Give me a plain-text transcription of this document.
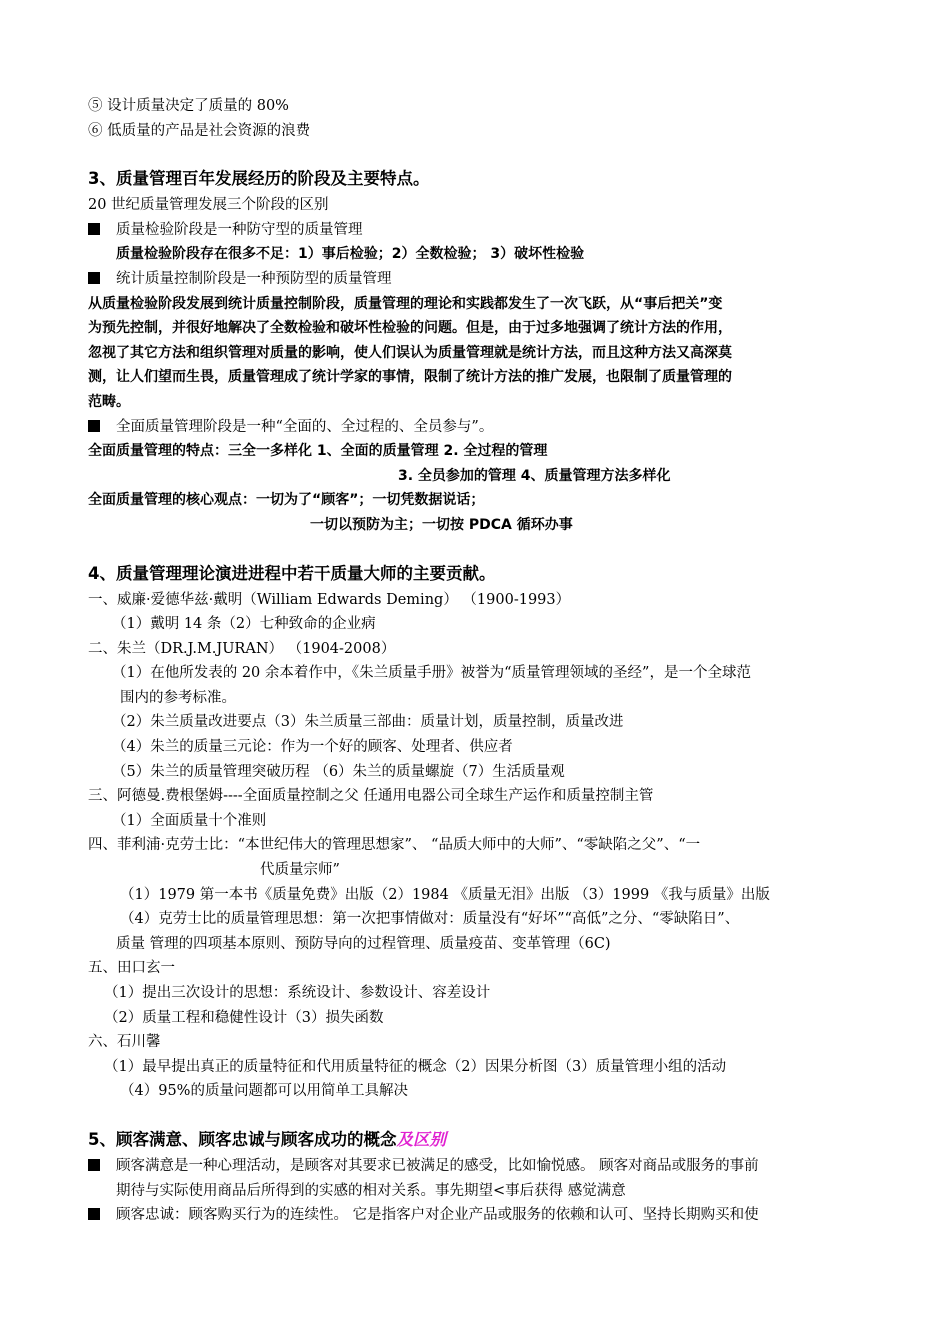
⑤ 设计质量决定了质量的 80%
⑥ 低质量的产品是社会资源的浪费
3、质量管理百年发展经历的阶段及主要特点。
20 世纪质量管理发展三个阶段的区别
质量检验阶段是一种防守型的质量管理
质量检验阶段存在很多不足：1）事后检验；2）全数检验； 3）破坏性检验
统计质量控制阶段是一种预防型的质量管理
从质量检验阶段发展到统计质量控制阶段，质量管理的理论和实践都发生了一次飞跃，从“事后把关”变
为预先控制，并很好地解决了全数检验和破坏性检验的问题。但是，由于过多地强调了统计方法的作用，
忽视了其它方法和组织管理对质量的影响，使人们误认为质量管理就是统计方法，而且这种方法又高深莫
测，让人们望而生畏，质量管理成了统计学家的事情，限制了统计方法的推广发展，也限制了质量管理的
范畴。
全面质量管理阶段是一种“全面的、全过程的、全员参与”。
全面质量管理的特点：三全一多样化 1、全面的质量管理 2. 全过程的管理
3. 全员参加的管理 4、质量管理方法多样化
全面质量管理的核心观点：一切为了“顾客”；一切凭数据说话；
一切以预防为主；一切按 PDCA 循环办事
4、质量管理理论演进进程中若干质量大师的主要贡献。
一、威廉·爱德华兹·戴明（William Edwards Deming） （1900-1993）
（1）戴明 14 条（2）七种致命的企业病
二、朱兰（DR.J.M.JURAN） （1904-2008）
（1）在他所发表的 20 余本着作中，《朱兰质量手册》被誉为“质量管理领域的圣经”，是一个全球范
围内的参考标准。
（2）朱兰质量改进要点（3）朱兰质量三部曲：质量计划，质量控制，质量改进
（4）朱兰的质量三元论：作为一个好的顾客、处理者、供应者
（5）朱兰的质量管理突破历程 （6）朱兰的质量螺旋（7）生活质量观
三、阿德曼.费根堡姆----全面质量控制之父 任通用电器公司全球生产运作和质量控制主管
（1）全面质量十个准则
四、菲利浦·克劳士比：“本世纪伟大的管理思想家”、 “品质大师中的大师”、“零缺陷之父”、“一
代质量宗师”
（1）1979 第一本书《质量免费》出版（2）1984 《质量无泪》出版 （3）1999 《我与质量》出版
（4）克劳士比的质量管理思想：第一次把事情做对：质量没有“好坏”“高低”之分、“零缺陷日”、
质量 管理的四项基本原则、预防导向的过程管理、质量疫苗、变革管理（6C)
五、田口玄一
（1）提出三次设计的思想：系统设计、参数设计、容差设计
（2）质量工程和稳健性设计（3）损失函数
六、石川馨
（1）最早提出真正的质量特征和代用质量特征的概念（2）因果分析图（3）质量管理小组的活动
（4）95%的质量问题都可以用简单工具解决
5、顾客满意、顾客忠诚与顾客成功的概念及区别
顾客满意是一种心理活动，是顾客对其要求已被满足的感受，比如愉悦感。 顾客对商品或服务的事前
期待与实际使用商品后所得到的实感的相对关系。事先期望<事后获得 感觉满意
顾客忠诚：顾客购买行为的连续性。 它是指客户对企业产品或服务的依赖和认可、坚持长期购买和使
